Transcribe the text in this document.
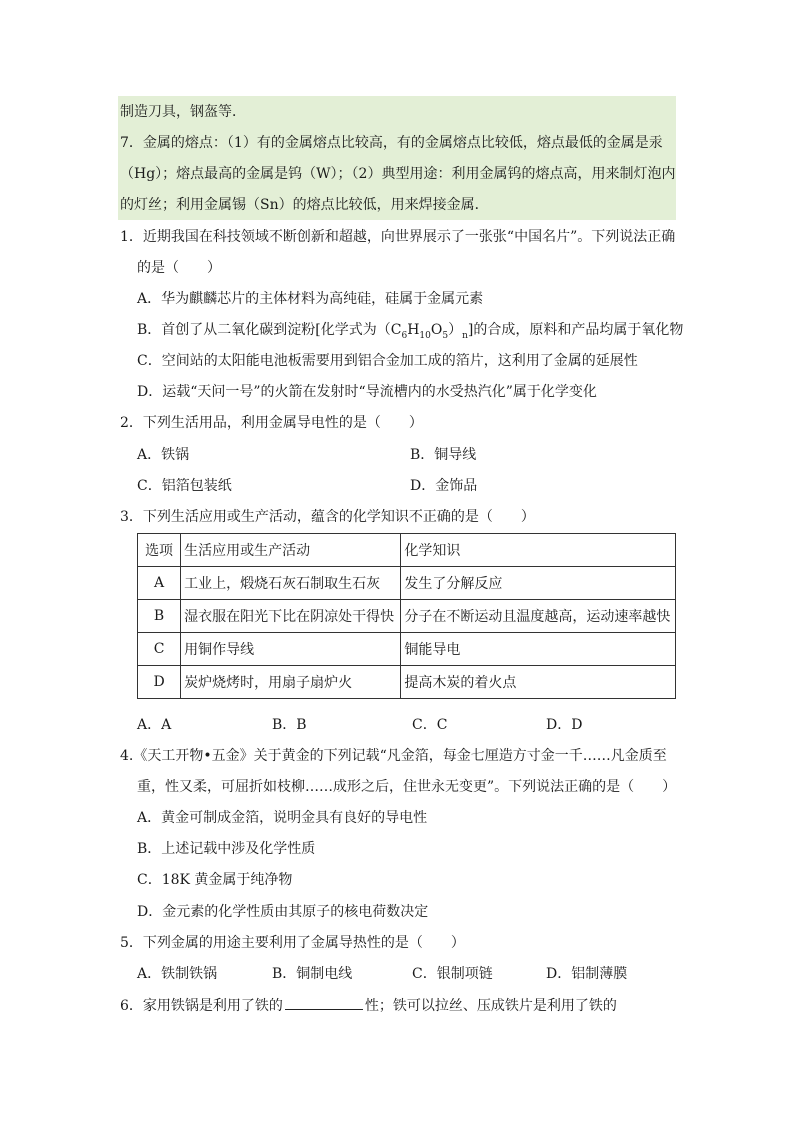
制造刀具，钢盔等．
7．金属的熔点：（1）有的金属熔点比较高，有的金属熔点比较低，熔点最低的金属是汞
（Hg）；熔点最高的金属是钨（W）；（2）典型用途：利用金属钨的熔点高，用来制灯泡内
的灯丝；利用金属锡（Sn）的熔点比较低，用来焊接金属．
1．近期我国在科技领域不断创新和超越，向世界展示了一张张“中国名片”。下列说法正确
的是（　　）
A．华为麒麟芯片的主体材料为高纯硅，硅属于金属元素
B．首创了从二氧化碳到淀粉[化学式为$(C_6H_{10}O_5)_n$]的合成，原料和产品均属于氧化物
C．空间站的太阳能电池板需要用到铝合金加工成的箔片，这利用了金属的延展性
D．运载“天问一号”的火箭在发射时“导流槽内的水受热汽化”属于化学变化
2．下列生活用品，利用金属导电性的是（　　）
A．铁锅	B．铜导线
C．铝箔包装纸	D．金饰品
3．下列生活应用或生产活动，蕴含的化学知识不正确的是（　　）
选项	生活应用或生产活动	化学知识
A	工业上，煅烧石灰石制取生石灰	发生了分解反应
B	湿衣服在阳光下比在阴凉处干得快	分子在不断运动且温度越高，运动速率越快
C	用铜作导线	铜能导电
D	炭炉烧烤时，用扇子扇炉火	提高木炭的着火点
A．A	B．B	C．C	D．D
4.《天工开物•五金》关于黄金的下列记载“凡金箔，每金七厘造方寸金一千……凡金质至
重，性又柔，可屈折如枝柳……成形之后，住世永无变更”。下列说法正确的是（　　）
A．黄金可制成金箔，说明金具有良好的导电性
B．上述记载中涉及化学性质
C．18K 黄金属于纯净物
D．金元素的化学性质由其原子的核电荷数决定
5．下列金属的用途主要利用了金属导热性的是（　　）
A．铁制铁锅	B．铜制电线	C．银制项链	D．铝制薄膜
6．家用铁锅是利用了铁的	性；铁可以拉丝、压成铁片是利用了铁的
